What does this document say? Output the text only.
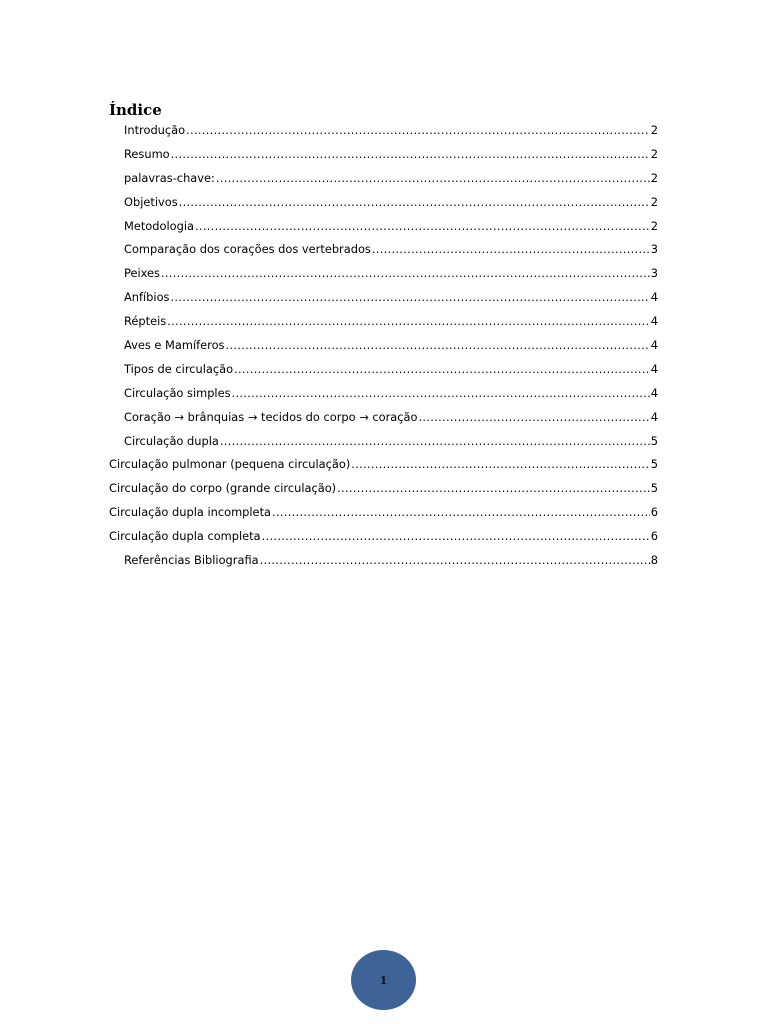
Índice
Introdução .....	2
Resumo .....	2
palavras-chave: .....	2
Objetivos .....	2
Metodologia .....	2
Comparação dos corações dos vertebrados .....	3
Peixes .....	3
Anfíbios .....	4
Répteis .....	4
Aves e Mamíferos .....	4
Tipos de circulação .....	4
Circulação simples .....	4
Coração → brânquias → tecidos do corpo → coração .....	4
Circulação dupla .....	5
Circulação pulmonar (pequena circulação) .....	5
Circulação do corpo (grande circulação) .....	5
Circulação dupla incompleta .....	6
Circulação dupla completa .....	6
Referências Bibliografia .....	8
1
